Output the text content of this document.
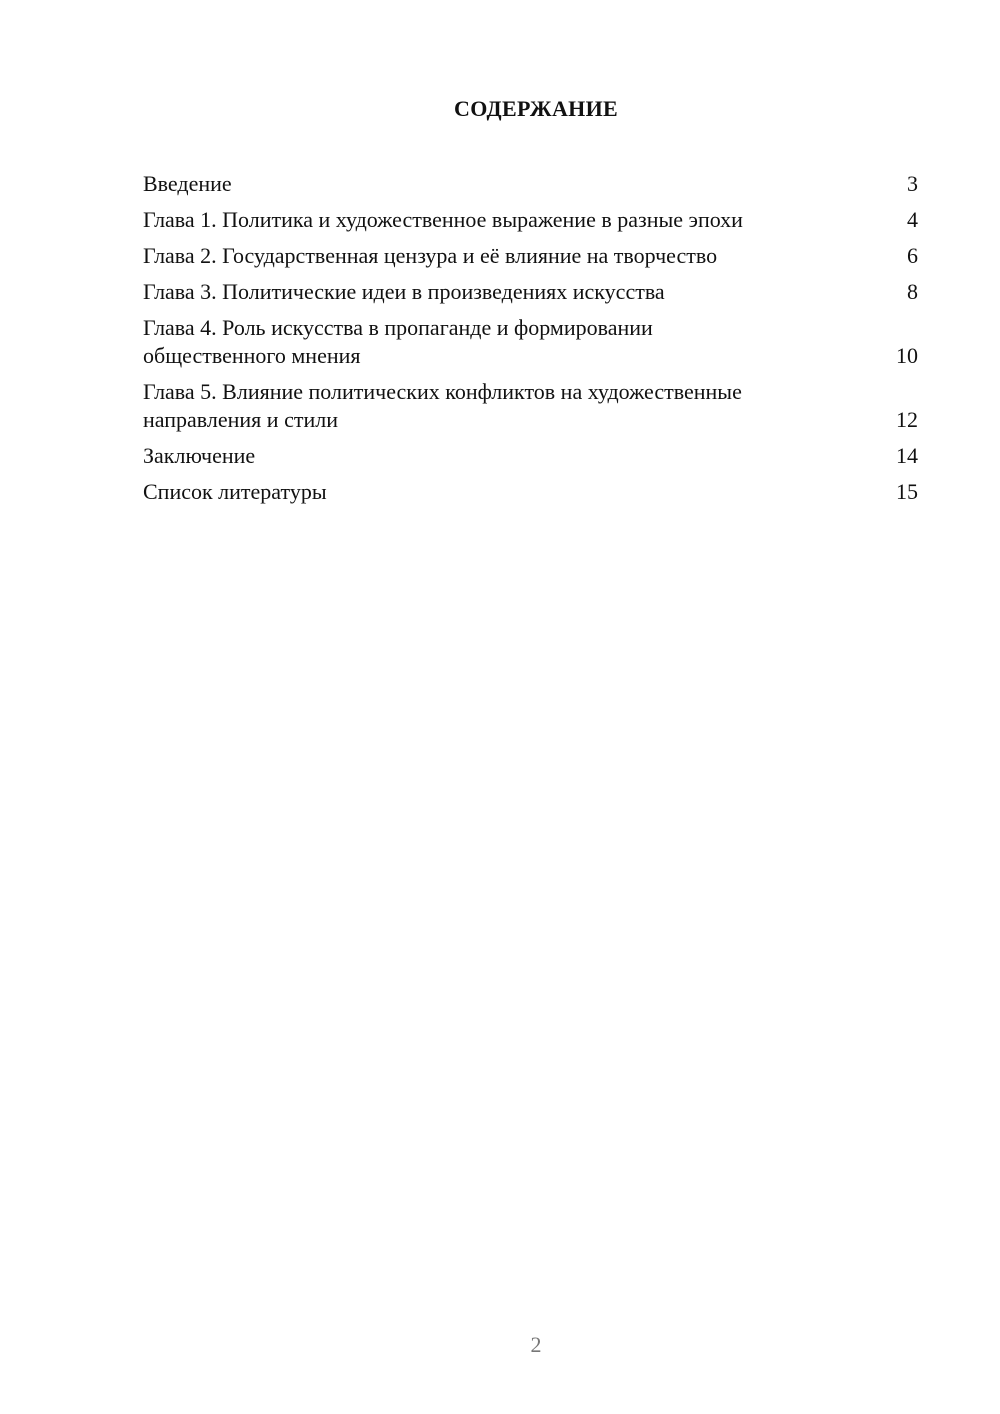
СОДЕРЖАНИЕ
Введение	3
Глава 1. Политика и художественное выражение в разные эпохи	4
Глава 2. Государственная цензура и её влияние на творчество	6
Глава 3. Политические идеи в произведениях искусства	8
Глава 4. Роль искусства в пропаганде и формировании общественного мнения	10
Глава 5. Влияние политических конфликтов на художественные направления и стили	12
Заключение	14
Список литературы	15
2
